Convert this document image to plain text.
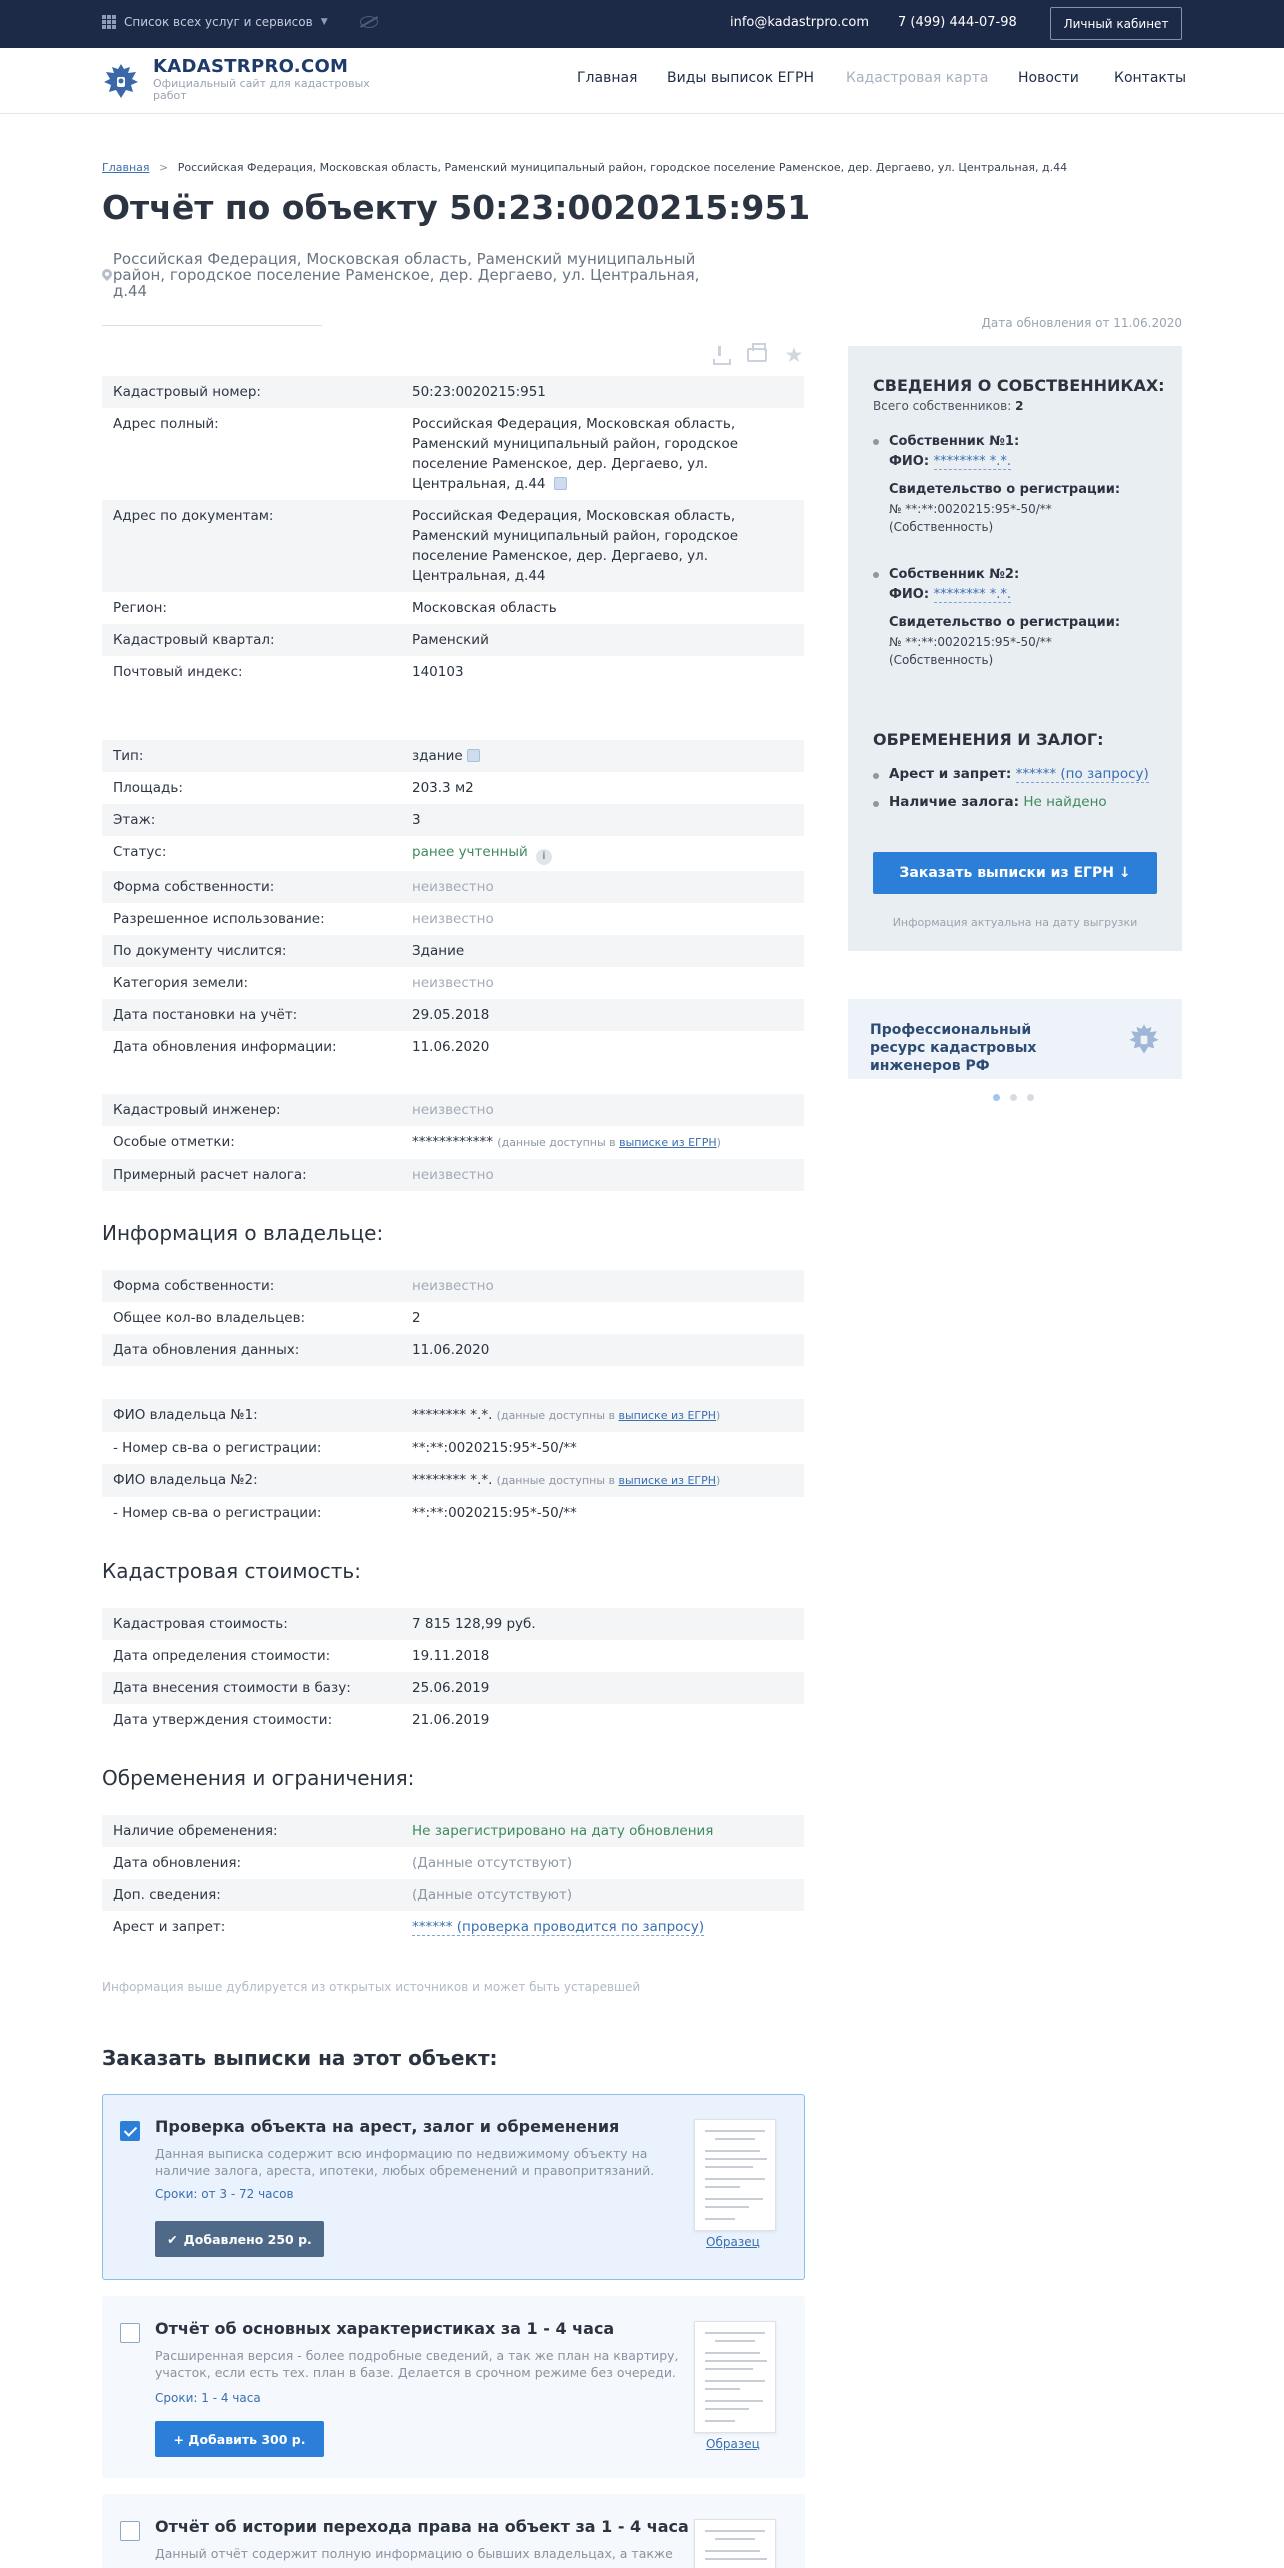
Список всех услуг и сервисов ▼	info@kadastrpro.com 7 (499) 444-07-98	Личный кабинет
KADASTRPRO.COM
Официальный сайт для кадастровых работ
Главная Виды выписок ЕГРН Кадастровая карта Новости	Контакты
Главная > Российская Федерация, Московская область, Раменский муниципальный район, городское поселение Раменское, дер. Дергаево, ул. Центральная, д.44
Отчёт по объекту 50:23:0020215:951
Российская Федерация, Московская область, Раменский муниципальный район, городское поселение Раменское, дер. Дергаево, ул. Центральная, д.44
Дата обновления от 11.06.2020
★
Кадастровый номер:	50:23:0020215:951
Адрес полный:	Российская Федерация, Московская область, Раменский муниципальный район, городское поселение Раменское, дер. Дергаево, ул. Центральная, д.44
Адрес по документам:	Российская Федерация, Московская область, Раменский муниципальный район, городское поселение Раменское, дер. Дергаево, ул. Центральная, д.44
Регион:	Московская область
Кадастровый квартал:	Раменский
Почтовый индекс:	140103
Тип:	здание
Площадь:	203.3 м2
Этаж:	3
Статус:	ранее учтенный i
Форма собственности:	неизвестно
Разрешенное использование:	неизвестно
По документу числится:	Здание
Категория земели:	неизвестно
Дата постановки на учёт:	29.05.2018
Дата обновления информации:	11.06.2020
Кадастровый инженер:	неизвестно
Особые отметки:	************ (данные доступны в выписке из ЕГРН)
Примерный расчет налога:	неизвестно
Информация о владельце:
Форма собственности:	неизвестно
Общее кол-во владельцев:	2
Дата обновления данных:	11.06.2020
ФИО владельца №1:	******** *.*. (данные доступны в выписке из ЕГРН)
- Номер св-ва о регистрации:	**:**:0020215:95*-50/**
ФИО владельца №2:	******** *.*. (данные доступны в выписке из ЕГРН)
- Номер св-ва о регистрации:	**:**:0020215:95*-50/**
Кадастровая стоимость:
Кадастровая стоимость:	7 815 128,99 руб.
Дата определения стоимости:	19.11.2018
Дата внесения стоимости в базу:	25.06.2019
Дата утверждения стоимости:	21.06.2019
Обременения и ограничения:
Наличие обременения:	Не зарегистрировано на дату обновления
Дата обновления:	(Данные отсутствуют)
Доп. сведения:	(Данные отсутствуют)
Арест и запрет:	****** (проверка проводится по запросу)
Информация выше дублируется из открытых источников и может быть устаревшей
Заказать выписки на этот объект:
Проверка объекта на арест, залог и обременения
Данная выписка содержит всю информацию по недвижимому объекту на наличие залога, ареста, ипотеки, любых обременений и правопритязаний.
Сроки: от 3 - 72 часов
✔ Добавлено 250 р.	Образец
Отчёт об основных характеристиках за 1 - 4 часа
Расширенная версия - более подробные сведений, а так же план на квартиру, участок, если есть тех. план в базе. Делается в срочном режиме без очереди.
Сроки: 1 - 4 часа
+ Добавить 300 р.	Образец
Отчёт об истории перехода права на объект за 1 - 4 часа
Данный отчёт содержит полную информацию о бывших владельцах, а также
СВЕДЕНИЯ О СОБСТВЕННИКАХ:
Всего собственников: 2
Собственник №1:
ФИО: ******** *.*.
Свидетельство о регистрации:
№ **:**:0020215:95*-50/**
(Собственность)
Собственник №2:
ФИО: ******** *.*.
Свидетельство о регистрации:
№ **:**:0020215:95*-50/**
(Собственность)
ОБРЕМЕНЕНИЯ И ЗАЛОГ:
Арест и запрет: ****** (по запросу)
Наличие залога: Не найдено
Заказать выписки из ЕГРН ↓
Информация актуальна на дату выгрузки
Профессиональный ресурс кадастровых инженеров РФ
